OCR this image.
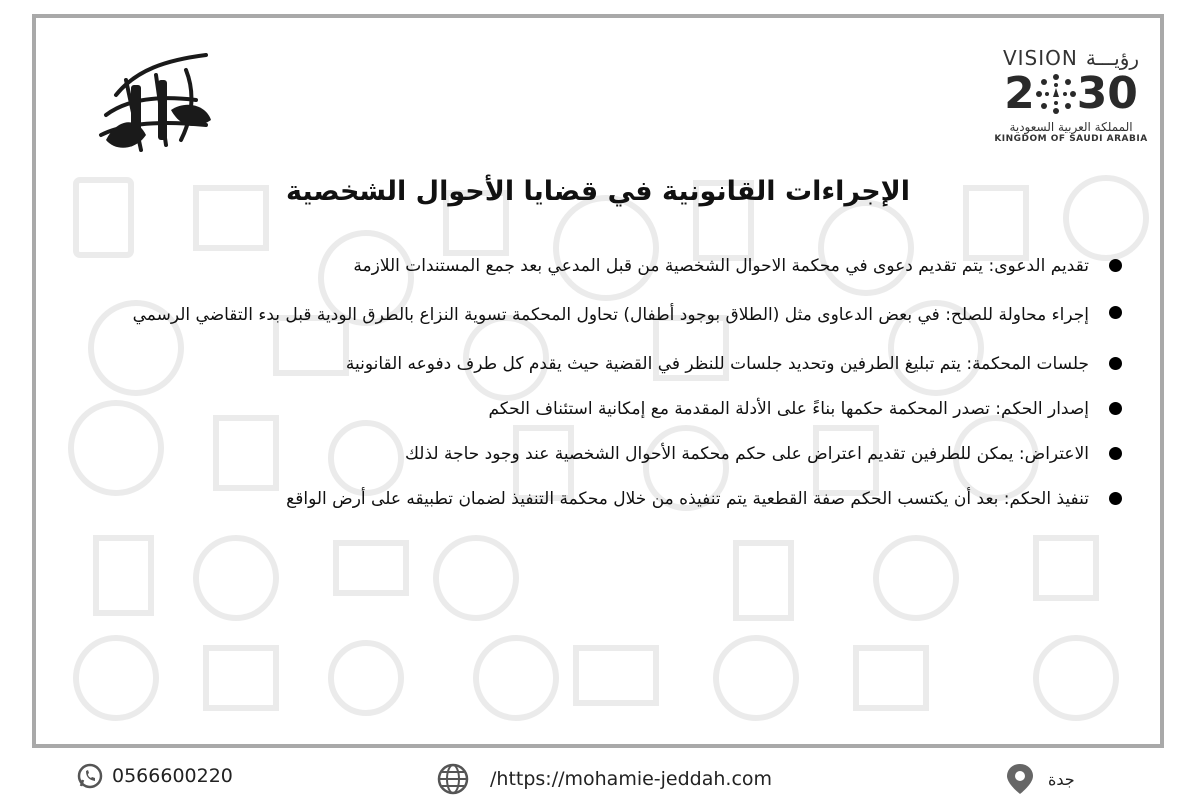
VISION رؤيـــة
2 30
المملكة العربية السعودية
KINGDOM OF SAUDI ARABIA
الإجراءات القانونية في قضايا الأحوال الشخصية
تقديم الدعوى: يتم تقديم دعوى في محكمة الاحوال الشخصية من قبل المدعي بعد جمع المستندات اللازمة
إجراء محاولة للصلح: في بعض الدعاوى مثل (الطلاق بوجود أطفال) تحاول المحكمة تسوية النزاع بالطرق الودية قبل بدء التقاضي الرسمي
جلسات المحكمة: يتم تبليغ الطرفين وتحديد جلسات للنظر في القضية حيث يقدم كل طرف دفوعه القانونية
إصدار الحكم: تصدر المحكمة حكمها بناءً على الأدلة المقدمة مع إمكانية استئناف الحكم
الاعتراض: يمكن للطرفين تقديم اعتراض على حكم محكمة الأحوال الشخصية عند وجود حاجة لذلك
تنفيذ الحكم: بعد أن يكتسب الحكم صفة القطعية يتم تنفيذه من خلال محكمة التنفيذ لضمان تطبيقه على أرض الواقع
0566600220	/https://mohamie-jeddah.com	جدة
